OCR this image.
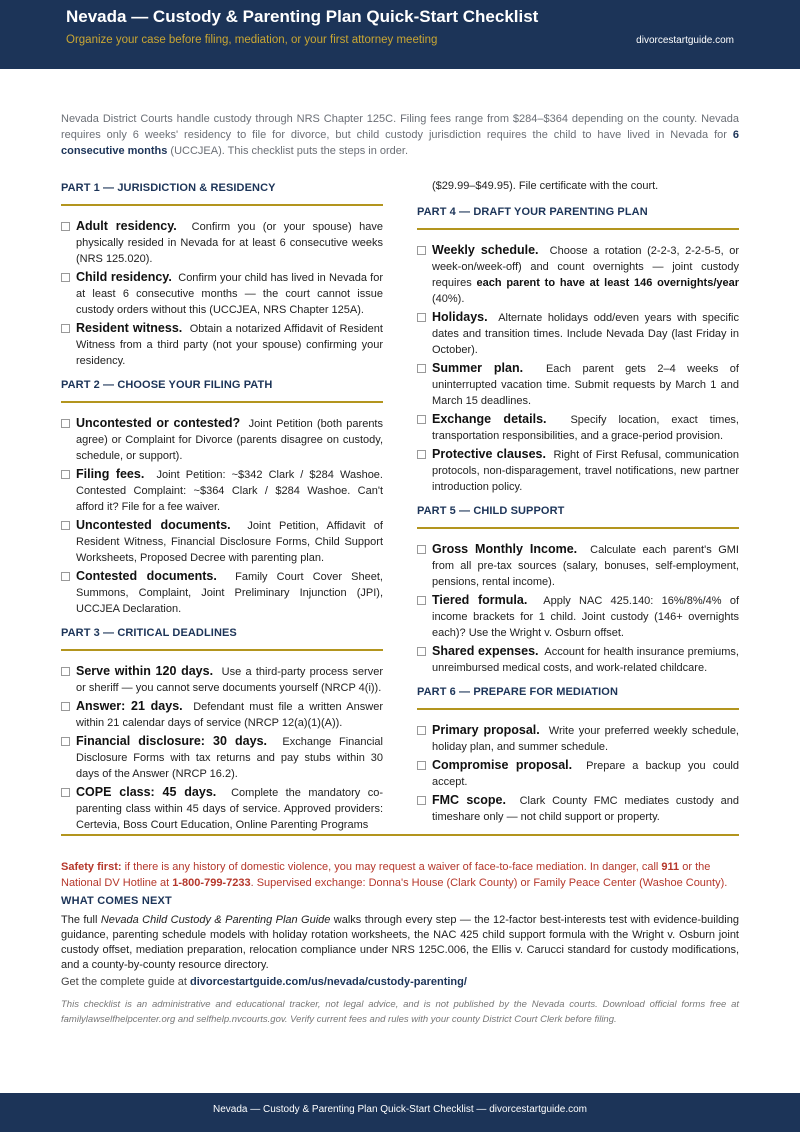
Nevada — Custody & Parenting Plan Quick-Start Checklist
Organize your case before filing, mediation, or your first attorney meeting	divorcestartguide.com

Nevada District Courts handle custody through NRS Chapter 125C. Filing fees range from $284–$364 depending on the county. Nevada requires only 6 weeks' residency to file for divorce, but child custody jurisdiction requires the child to have lived in Nevada for 6 consecutive months (UCCJEA). This checklist puts the steps in order.

PART 1 — JURISDICTION & RESIDENCY
Adult residency. Confirm you (or your spouse) have physically resided in Nevada for at least 6 consecutive weeks (NRS 125.020).
Child residency. Confirm your child has lived in Nevada for at least 6 consecutive months — the court cannot issue custody orders without this (UCCJEA, NRS Chapter 125A).
Resident witness. Obtain a notarized Affidavit of Resident Witness from a third party (not your spouse) confirming your residency.
PART 2 — CHOOSE YOUR FILING PATH
Uncontested or contested? Joint Petition (both parents agree) or Complaint for Divorce (parents disagree on custody, schedule, or support).
Filing fees. Joint Petition: ~$342 Clark / $284 Washoe. Contested Complaint: ~$364 Clark / $284 Washoe. Can't afford it? File for a fee waiver.
Uncontested documents. Joint Petition, Affidavit of Resident Witness, Financial Disclosure Forms, Child Support Worksheets, Proposed Decree with parenting plan.
Contested documents. Family Court Cover Sheet, Summons, Complaint, Joint Preliminary Injunction (JPI), UCCJEA Declaration.
PART 3 — CRITICAL DEADLINES
Serve within 120 days. Use a third-party process server or sheriff — you cannot serve documents yourself (NRCP 4(i)).
Answer: 21 days. Defendant must file a written Answer within 21 calendar days of service (NRCP 12(a)(1)(A)).
Financial disclosure: 30 days. Exchange Financial Disclosure Forms with tax returns and pay stubs within 30 days of the Answer (NRCP 16.2).
COPE class: 45 days. Complete the mandatory co-parenting class within 45 days of service. Approved providers: Certevia, Boss Court Education, Online Parenting Programs
($29.99–$49.95). File certificate with the court.
PART 4 — DRAFT YOUR PARENTING PLAN
Weekly schedule. Choose a rotation (2-2-3, 2-2-5-5, or week-on/week-off) and count overnights — joint custody requires each parent to have at least 146 overnights/year (40%).
Holidays. Alternate holidays odd/even years with specific dates and transition times. Include Nevada Day (last Friday in October).
Summer plan. Each parent gets 2–4 weeks of uninterrupted vacation time. Submit requests by March 1 and March 15 deadlines.
Exchange details. Specify location, exact times, transportation responsibilities, and a grace-period provision.
Protective clauses. Right of First Refusal, communication protocols, non-disparagement, travel notifications, new partner introduction policy.
PART 5 — CHILD SUPPORT
Gross Monthly Income. Calculate each parent's GMI from all pre-tax sources (salary, bonuses, self-employment, pensions, rental income).
Tiered formula. Apply NAC 425.140: 16%/8%/4% of income brackets for 1 child. Joint custody (146+ overnights each)? Use the Wright v. Osburn offset.
Shared expenses. Account for health insurance premiums, unreimbursed medical costs, and work-related childcare.
PART 6 — PREPARE FOR MEDIATION
Primary proposal. Write your preferred weekly schedule, holiday plan, and summer schedule.
Compromise proposal. Prepare a backup you could accept.
FMC scope. Clark County FMC mediates custody and timeshare only — not child support or property.

Safety first: if there is any history of domestic violence, you may request a waiver of face-to-face mediation. In danger, call 911 or the National DV Hotline at 1-800-799-7233. Supervised exchange: Donna's House (Clark County) or Family Peace Center (Washoe County).

WHAT COMES NEXT

The full Nevada Child Custody & Parenting Plan Guide walks through every step — the 12-factor best-interests test with evidence-building guidance, parenting schedule models with holiday rotation worksheets, the NAC 425 child support formula with the Wright v. Osburn joint custody offset, mediation preparation, relocation compliance under NRS 125C.006, the Ellis v. Carucci standard for custody modifications, and a county-by-county resource directory.

Get the complete guide at divorcestartguide.com/us/nevada/custody-parenting/

This checklist is an administrative and educational tracker, not legal advice, and is not published by the Nevada courts. Download official forms free at familylawselfhelpcenter.org and selfhelp.nvcourts.gov. Verify current fees and rules with your county District Court Clerk before filing.

Nevada — Custody & Parenting Plan Quick-Start Checklist — divorcestartguide.com
